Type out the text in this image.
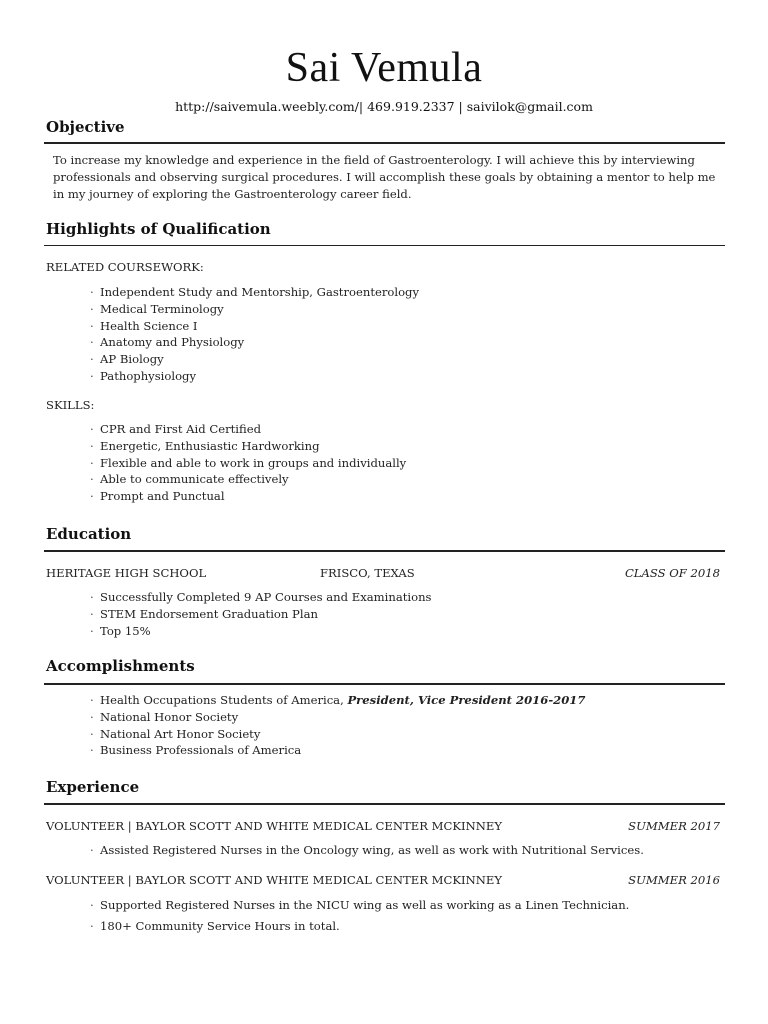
Sai Vemula
http://saivemula.weebly.com/| 469.919.2337 | saivilok@gmail.com
Objective
To increase my knowledge and experience in the field of Gastroenterology. I will achieve this by interviewing professionals and observing surgical procedures. I will accomplish these goals by obtaining a mentor to help me in my journey of exploring the Gastroenterology career field.
Highlights of Qualification
RELATED COURSEWORK:
· Independent Study and Mentorship, Gastroenterology
· Medical Terminology
· Health Science I
· Anatomy and Physiology
· AP Biology
· Pathophysiology
SKILLS:
· CPR and First Aid Certified
· Energetic, Enthusiastic Hardworking
· Flexible and able to work in groups and individually
· Able to communicate effectively
· Prompt and Punctual
Education
HERITAGE HIGH SCHOOL	FRISCO, TEXAS	CLASS OF 2018
· Successfully Completed 9 AP Courses and Examinations
· STEM Endorsement Graduation Plan
· Top 15%
Accomplishments
· Health Occupations Students of America, President, Vice President 2016-2017
· National Honor Society
· National Art Honor Society
· Business Professionals of America
Experience
VOLUNTEER | BAYLOR SCOTT AND WHITE MEDICAL CENTER MCKINNEY	SUMMER 2017
· Assisted Registered Nurses in the Oncology wing, as well as work with Nutritional Services.
VOLUNTEER | BAYLOR SCOTT AND WHITE MEDICAL CENTER MCKINNEY	SUMMER 2016
· Supported Registered Nurses in the NICU wing as well as working as a Linen Technician.
· 180+ Community Service Hours in total.
